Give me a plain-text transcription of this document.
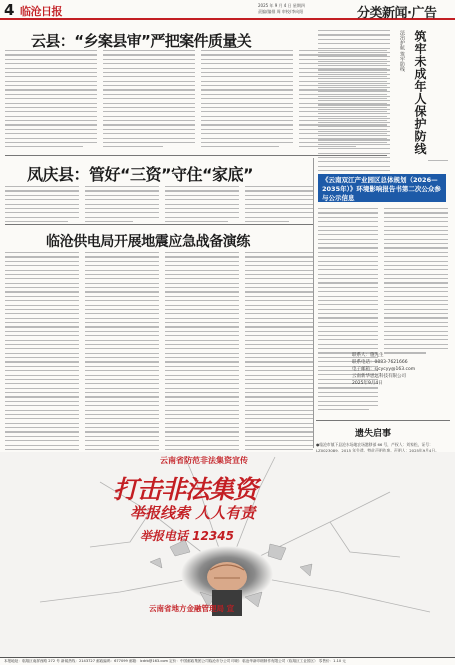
4 临沧日报	2025 年 9 月 4 日 星期四
责编/编排 周 审校/李向阳	分类新闻·广告
云县：“乡案县审”严把案件质量关
凤庆县：管好“三资”守住“家底”
临沧供电局开展地震应急战备演练
法治护航 筑牢防线 筑牢未成年人保护防线
《云南双江产业园区总体规划（2026—2035年）》环境影响报告书第二次公众参与公示信息
联系人：施先生
联系电话：0883-7621666
电子邮箱：sjcycyy@163.com
云南新华思远科技有限公司
2025年9月4日
遗失启事
●临沧市镇下县沧水场地农场港移部 66 号，产权人：刘家松，证号：LZ0023089，2015 年失遗。特此声明作废。声明人：2025年9月4日。
云南省防范非法集资宣传
打击非法集资
举报线索 人人有责
举报电话 12345
云南省地方金融管理局 宣
本报地址：临翔区南屏西路 272 号 新闻热线：2143727 邮政编码：677099 邮箱：lcdrb@163.com 定价：中国邮政集团公司临沧市分公司 印刷：临沧华新印刷制作有限公司（临翔区工业园区） 零售价：1.10 元
